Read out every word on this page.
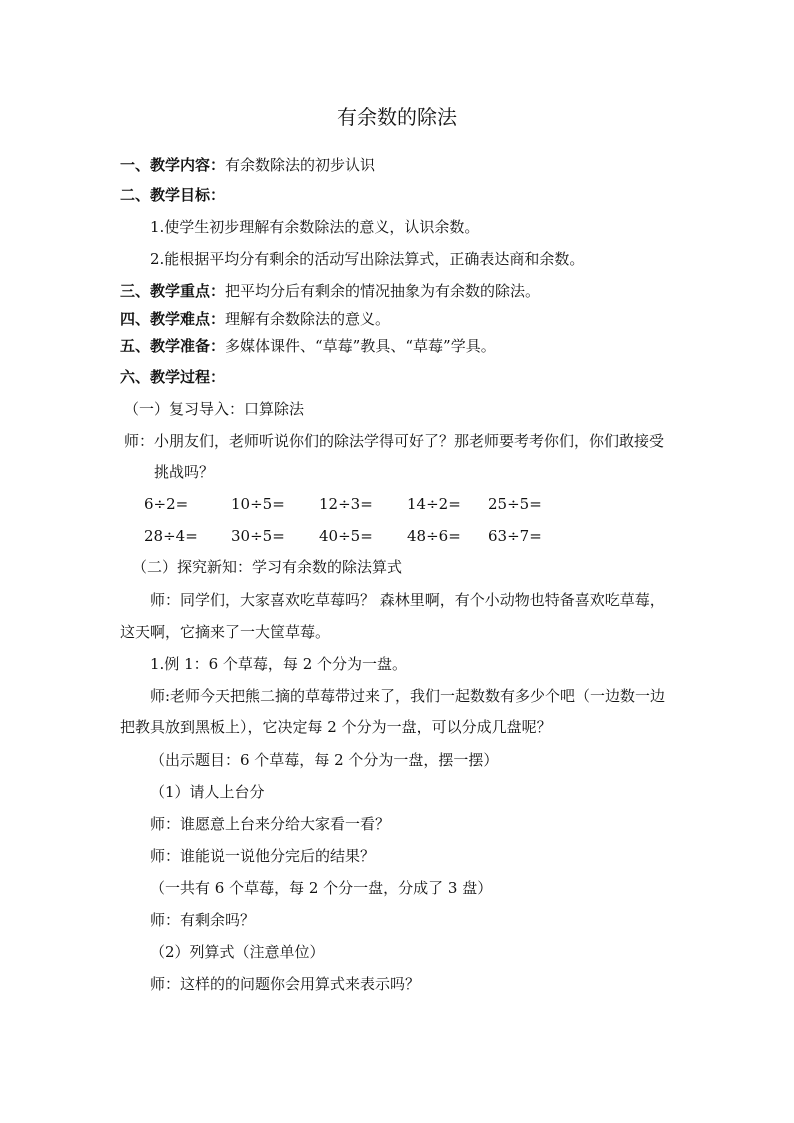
有余数的除法
一、教学内容：有余数除法的初步认识
二、教学目标：
1.使学生初步理解有余数除法的意义，认识余数。
2.能根据平均分有剩余的活动写出除法算式，正确表达商和余数。
三、教学重点：把平均分后有剩余的情况抽象为有余数的除法。
四、教学难点：理解有余数除法的意义。
五、教学准备：多媒体课件、“草莓”教具、“草莓”学具。
六、教学过程：
（一）复习导入：口算除法
师：小朋友们，老师听说你们的除法学得可好了？那老师要考考你们，你们敢接受
挑战吗？
6÷2=	10÷5= 12÷3= 14÷2= 25÷5=
28÷4= 30÷5= 40÷5= 48÷6= 63÷7=
（二）探究新知：学习有余数的除法算式
师：同学们，大家喜欢吃草莓吗？ 森林里啊，有个小动物也特备喜欢吃草莓，
这天啊，它摘来了一大筐草莓。
1.例 1：6 个草莓，每 2 个分为一盘。
师:老师今天把熊二摘的草莓带过来了，我们一起数数有多少个吧（一边数一边
把教具放到黑板上），它决定每 2 个分为一盘，可以分成几盘呢？
（出示题目：6 个草莓，每 2 个分为一盘，摆一摆）
（1）请人上台分
师：谁愿意上台来分给大家看一看？
师：谁能说一说他分完后的结果？
（一共有 6 个草莓，每 2 个分一盘，分成了 3 盘）
师：有剩余吗？
（2）列算式（注意单位）
师：这样的的问题你会用算式来表示吗？
